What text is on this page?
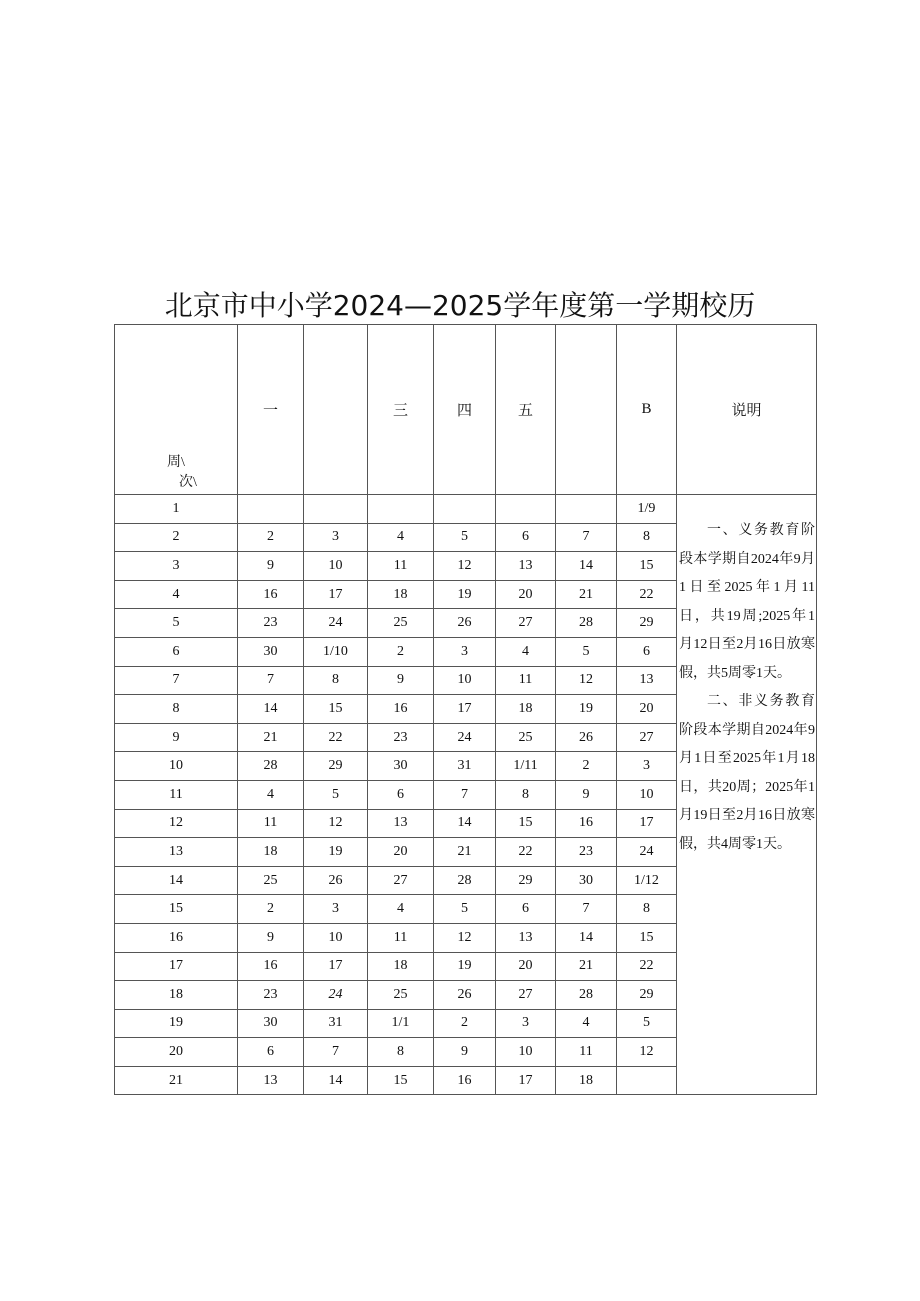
北京市中小学2024—2025学年度第一学期校历
周\
次\	一		三	四	五		B	说明
1							1/9	一、义务教育阶段本学期自2024年9月1日至2025年1月11日，共19周;2025年1月12日至2月16日放寒假，共5周零1天。

二、非义务教育阶段本学期自2024年9月1日至2025年1月18日，共20周；2025年1月19日至2月16日放寒假，共4周零1天。

2	2	3	4	5	6	7	8	
3	9	10	11	12	13	14	15	
4	16	17	18	19	20	21	22	
5	23	24	25	26	27	28	29	
6	30	1/10	2	3	4	5	6	
7	7	8	9	10	11	12	13	
8	14	15	16	17	18	19	20	
9	21	22	23	24	25	26	27	
10	28	29	30	31	1/11	2	3	
11	4	5	6	7	8	9	10	
12	11	12	13	14	15	16	17	
13	18	19	20	21	22	23	24	
14	25	26	27	28	29	30	1/12	
15	2	3	4	5	6	7	8	
16	9	10	11	12	13	14	15	
17	16	17	18	19	20	21	22	
18	23	24	25	26	27	28	29	
19	30	31	1/1	2	3	4	5	
20	6	7	8	9	10	11	12	
21	13	14	15	16	17	18		
